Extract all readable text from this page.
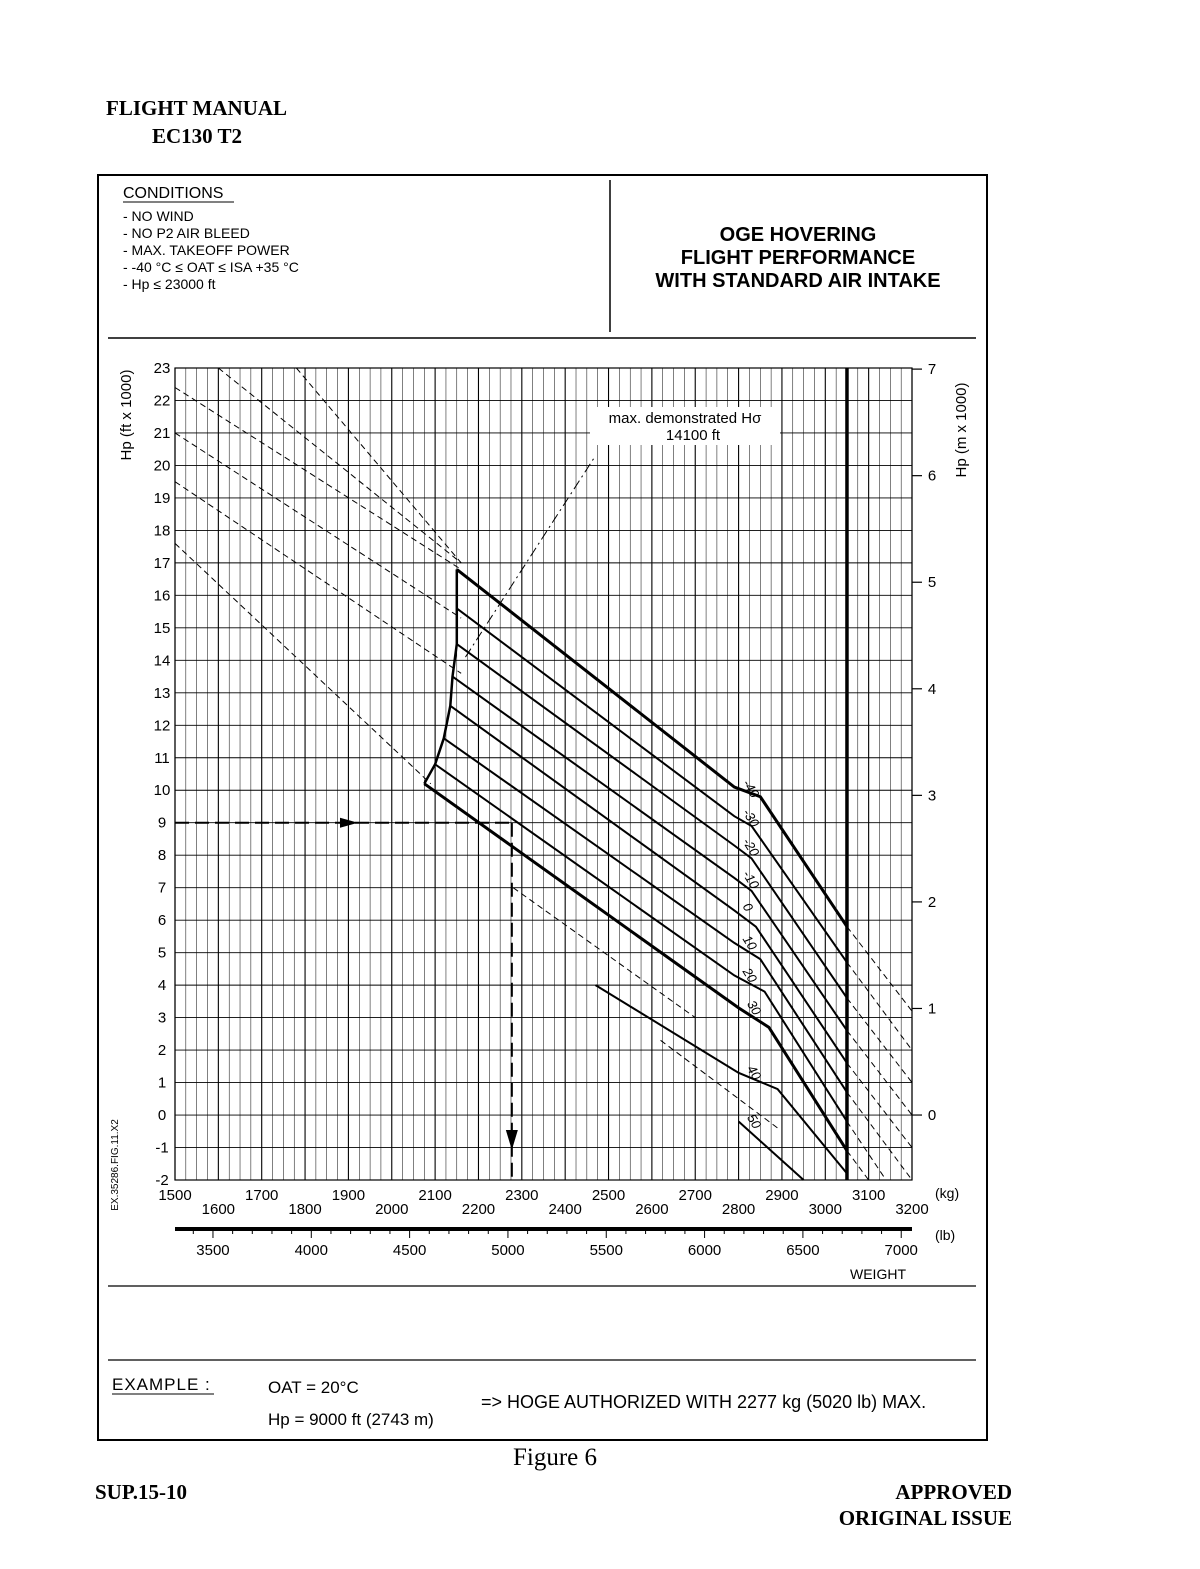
FLIGHT MANUAL
EC130 T2
CONDITIONS
- NO WIND
- NO P2 AIR BLEED
- MAX. TAKEOFF POWER
- -40 °C ≤ OAT ≤ ISA +35 °C
- Hp ≤ 23000 ft
OGE HOVERING
FLIGHT PERFORMANCE
WITH STANDARD AIR INTAKE
-40
-30
-20
-10
0
10
20
30
40
50
23
22
21
20
19
18
17
16
15
14
13
12
11
10
9
8
7
6
5
4
3
2
1
0
-1
-2
7
6
5
4
3
2
1
0
1500
1600
1700
1800
1900
2000
2100
2200
2300
2400
2500
2600
2700
2800
2900
3000
3100
3200
3500	4000	4500	5000	5500	6000	6500	7000
Hp (ft x 1000)	Hp (m x 1000)
(kg)
(lb)
WEIGHT
EX.35286.FIG.11.X2
max. demonstrated Hσ
14100 ft
EXAMPLE :	OAT = 20°C
Hp = 9000 ft (2743 m)
=> HOGE AUTHORIZED WITH 2277 kg (5020 lb) MAX.
Figure 6
SUP.15-10	APPROVED
ORIGINAL ISSUE
